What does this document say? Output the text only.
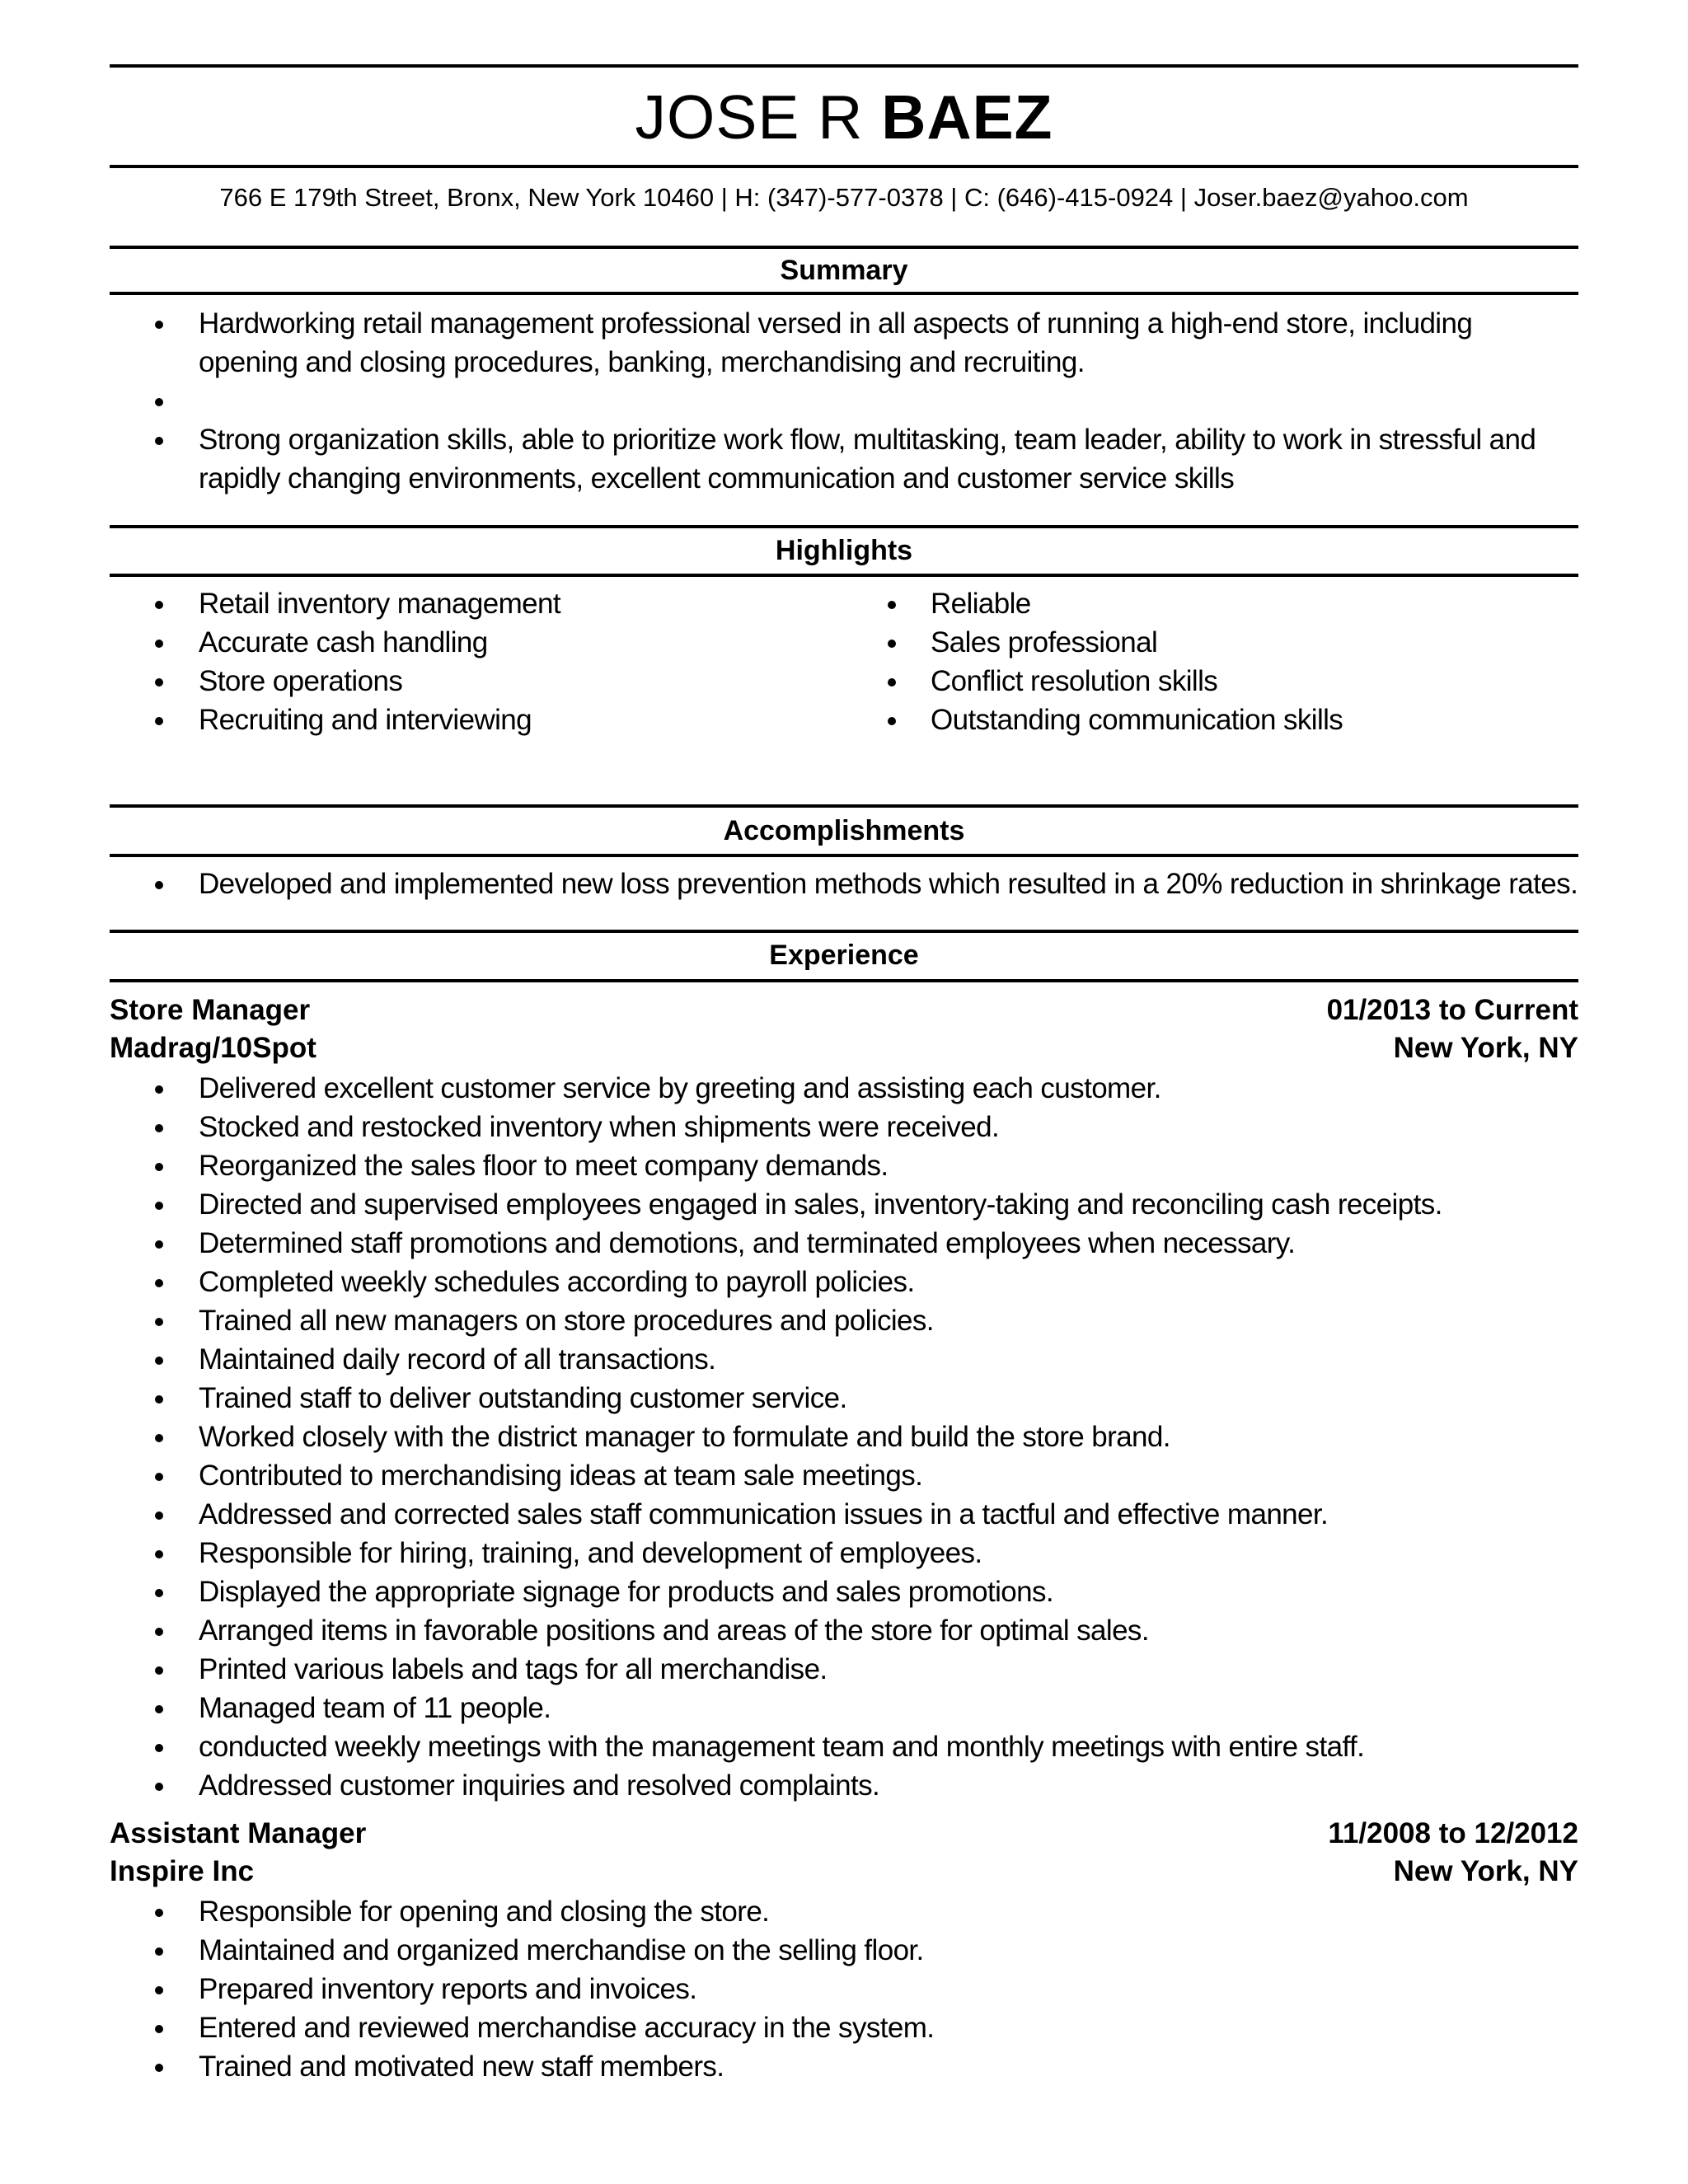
JOSE R BAEZ
766 E 179th Street, Bronx, New York 10460 | H: (347)-577-0378 | C: (646)-415-0924 | Joser.baez@yahoo.com
Summary
Hardworking retail management professional versed in all aspects of running a high-end store, including opening and closing procedures, banking, merchandising and recruiting.

Strong organization skills, able to prioritize work flow, multitasking, team leader, ability to work in stressful and rapidly changing environments, excellent communication and customer service skills
Highlights
Retail inventory management
Accurate cash handling
Store operations
Recruiting and interviewing
Reliable
Sales professional
Conflict resolution skills
Outstanding communication skills
Accomplishments
Developed and implemented new loss prevention methods which resulted in a 20% reduction in shrinkage rates.
Experience
Store Manager	01/2013 to Current
Madrag/10Spot	New York, NY
Delivered excellent customer service by greeting and assisting each customer.
Stocked and restocked inventory when shipments were received.
Reorganized the sales floor to meet company demands.
Directed and supervised employees engaged in sales, inventory-taking and reconciling cash receipts.
Determined staff promotions and demotions, and terminated employees when necessary.
Completed weekly schedules according to payroll policies.
Trained all new managers on store procedures and policies.
Maintained daily record of all transactions.
Trained staff to deliver outstanding customer service.
Worked closely with the district manager to formulate and build the store brand.
Contributed to merchandising ideas at team sale meetings.
Addressed and corrected sales staff communication issues in a tactful and effective manner.
Responsible for hiring, training, and development of employees.
Displayed the appropriate signage for products and sales promotions.
Arranged items in favorable positions and areas of the store for optimal sales.
Printed various labels and tags for all merchandise.
Managed team of 11 people.
conducted weekly meetings with the management team and monthly meetings with entire staff.
Addressed customer inquiries and resolved complaints.
Assistant Manager	11/2008 to 12/2012
Inspire Inc	New York, NY
Responsible for opening and closing the store.
Maintained and organized merchandise on the selling floor.
Prepared inventory reports and invoices.
Entered and reviewed merchandise accuracy in the system.
Trained and motivated new staff members.
